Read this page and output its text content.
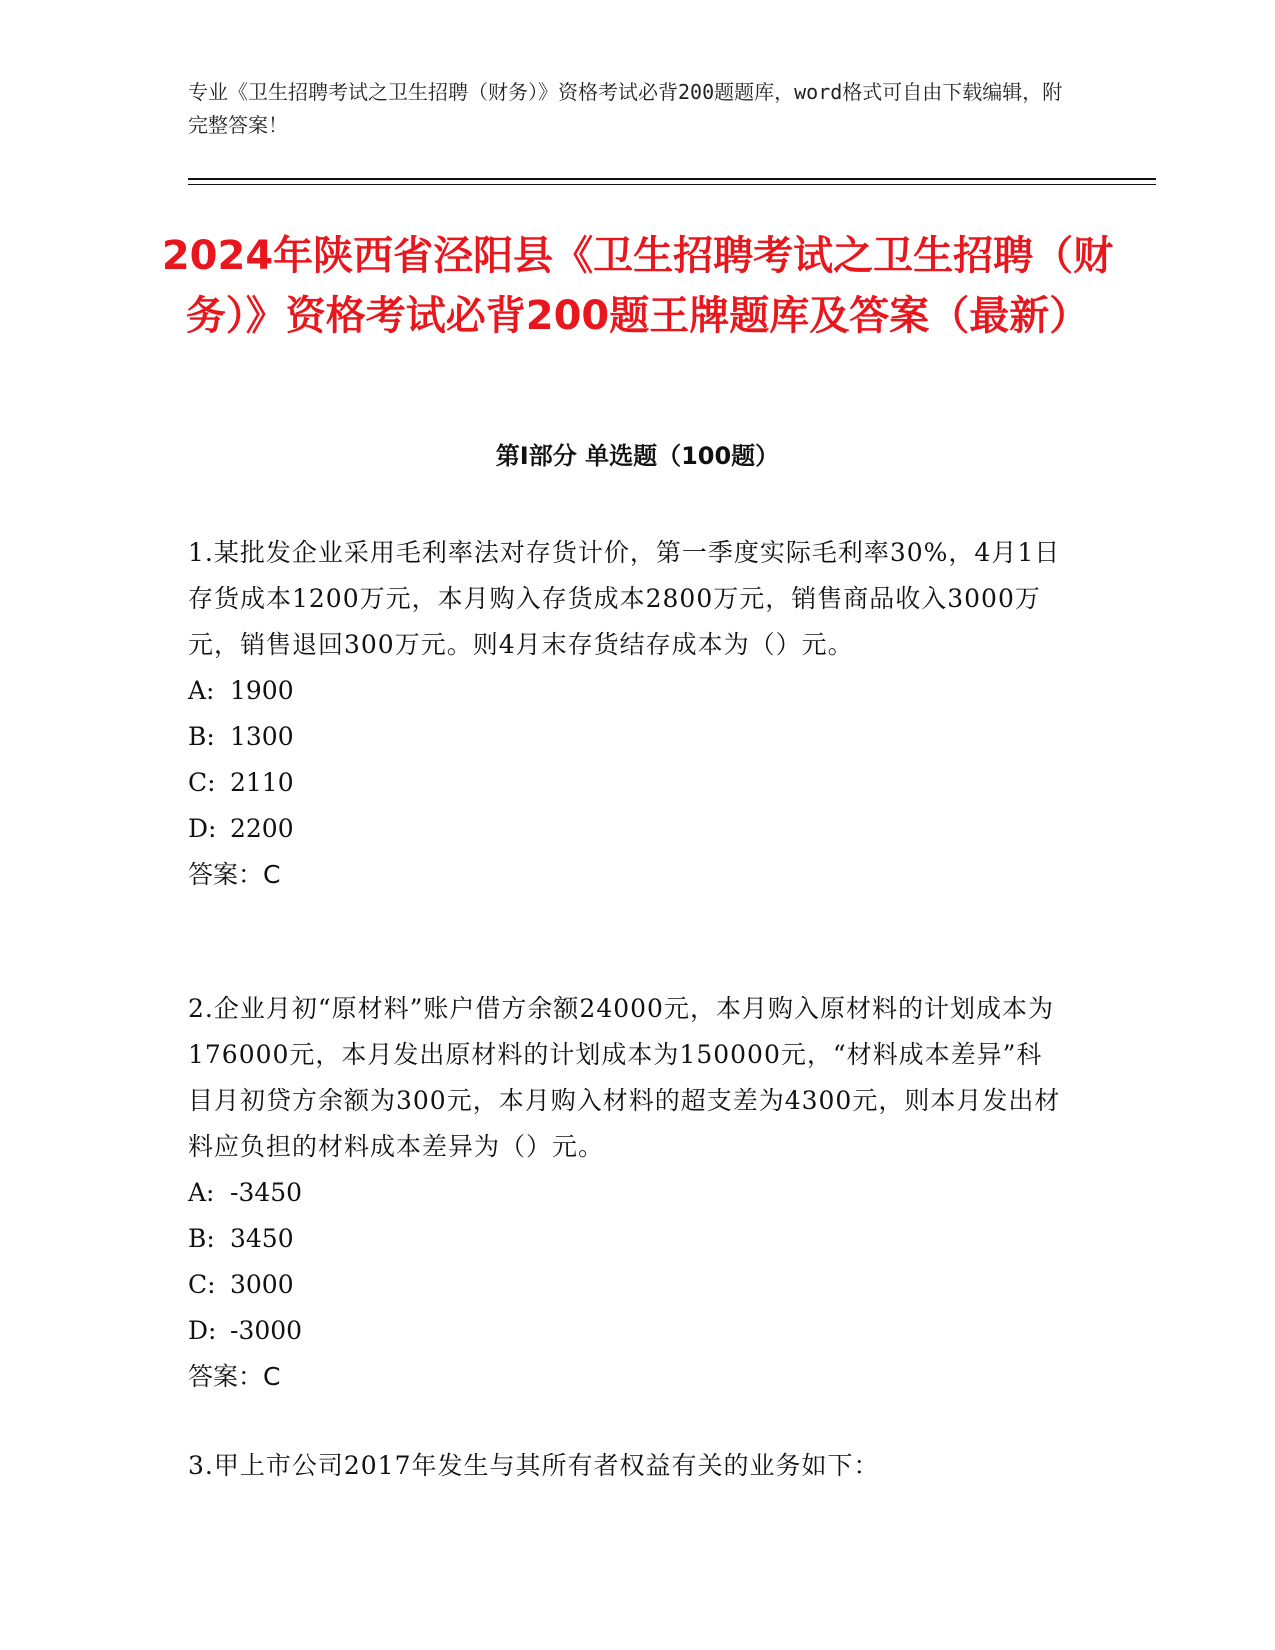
专业《卫生招聘考试之卫生招聘（财务）》资格考试必背200题题库，word格式可自由下载编辑，附完整答案！
2024年陕西省泾阳县《卫生招聘考试之卫生招聘（财务）》资格考试必背200题王牌题库及答案（最新）
第I部分 单选题（100题）

1.某批发企业采用毛利率法对存货计价，第一季度实际毛利率30%，4月1日存货成本1200万元，本月购入存货成本2800万元，销售商品收入3000万元，销售退回300万元。则4月末存货结存成本为（）元。

A: 1900

B: 1300

C: 2110

D: 2200

答案：C

2.企业月初“原材料”账户借方余额24000元，本月购入原材料的计划成本为176000元，本月发出原材料的计划成本为150000元，“材料成本差异”科目月初贷方余额为300元，本月购入材料的超支差为4300元，则本月发出材料应负担的材料成本差异为（）元。

A: -3450

B: 3450

C: 3000

D: -3000

答案：C

3.甲上市公司2017年发生与其所有者权益有关的业务如下：
